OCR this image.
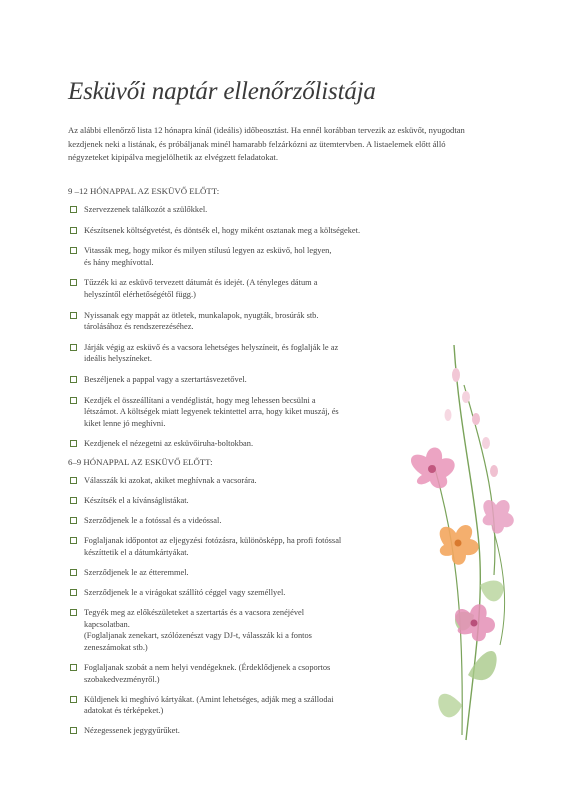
Esküvői naptár ellenőrzőlistája
Az alábbi ellenőrző lista 12 hónapra kínál (ideális) időbeosztást. Ha ennél korábban tervezik az esküvőt, nyugodtan kezdjenek neki a listának, és próbáljanak minél hamarabb felzárkózni az ütemtervben. A listaelemek előtt álló négyzeteket kipipálva megjelölhetik az elvégzett feladatokat.
9 –12 HÓNAPPAL AZ ESKÜVŐ ELŐTT:
Szervezzenek találkozót a szülőkkel.
Készítsenek költségvetést, és döntsék el, hogy miként osztanak meg a költségeket.
Vitassák meg, hogy mikor és milyen stílusú legyen az esküvő, hol legyen,
és hány meghívottal.
Tűzzék ki az esküvő tervezett dátumát és idejét. (A tényleges dátum a
helyszíntől elérhetőségétől függ.)
Nyissanak egy mappát az ötletek, munkalapok, nyugták, brosúrák stb.
tárolásához és rendszerezéséhez.
Járják végig az esküvő és a vacsora lehetséges helyszíneit, és foglalják le az
ideális helyszíneket.
Beszéljenek a pappal vagy a szertartásvezetővel.
Kezdjék el összeállítani a vendéglistát, hogy meg lehessen becsülni a
létszámot. A költségek miatt legyenek tekintettel arra, hogy kiket muszáj, és
kiket lenne jó meghívni.
Kezdjenek el nézegetni az esküvőiruha-boltokban.
6–9 HÓNAPPAL AZ ESKÜVŐ ELŐTT:
Válasszák ki azokat, akiket meghívnak a vacsorára.
Készítsék el a kívánságlistákat.
Szerződjenek le a fotóssal és a videóssal.
Foglaljanak időpontot az eljegyzési fotózásra, különösképp, ha profi fotóssal
készíttetik el a dátumkártyákat.
Szerződjenek le az étteremmel.
Szerződjenek le a virágokat szállító céggel vagy személlyel.
Tegyék meg az előkészületeket a szertartás és a vacsora zenéjével
kapcsolatban.
(Foglaljanak zenekart, szólózenészt vagy DJ-t, válasszák ki a fontos
zeneszámokat stb.)
Foglaljanak szobát a nem helyi vendégeknek. (Érdeklődjenek a csoportos
szobakedvezményről.)
Küldjenek ki meghívó kártyákat. (Amint lehetséges, adják meg a szállodai
adatokat és térképeket.)
Nézegessenek jegygyűrűket.
